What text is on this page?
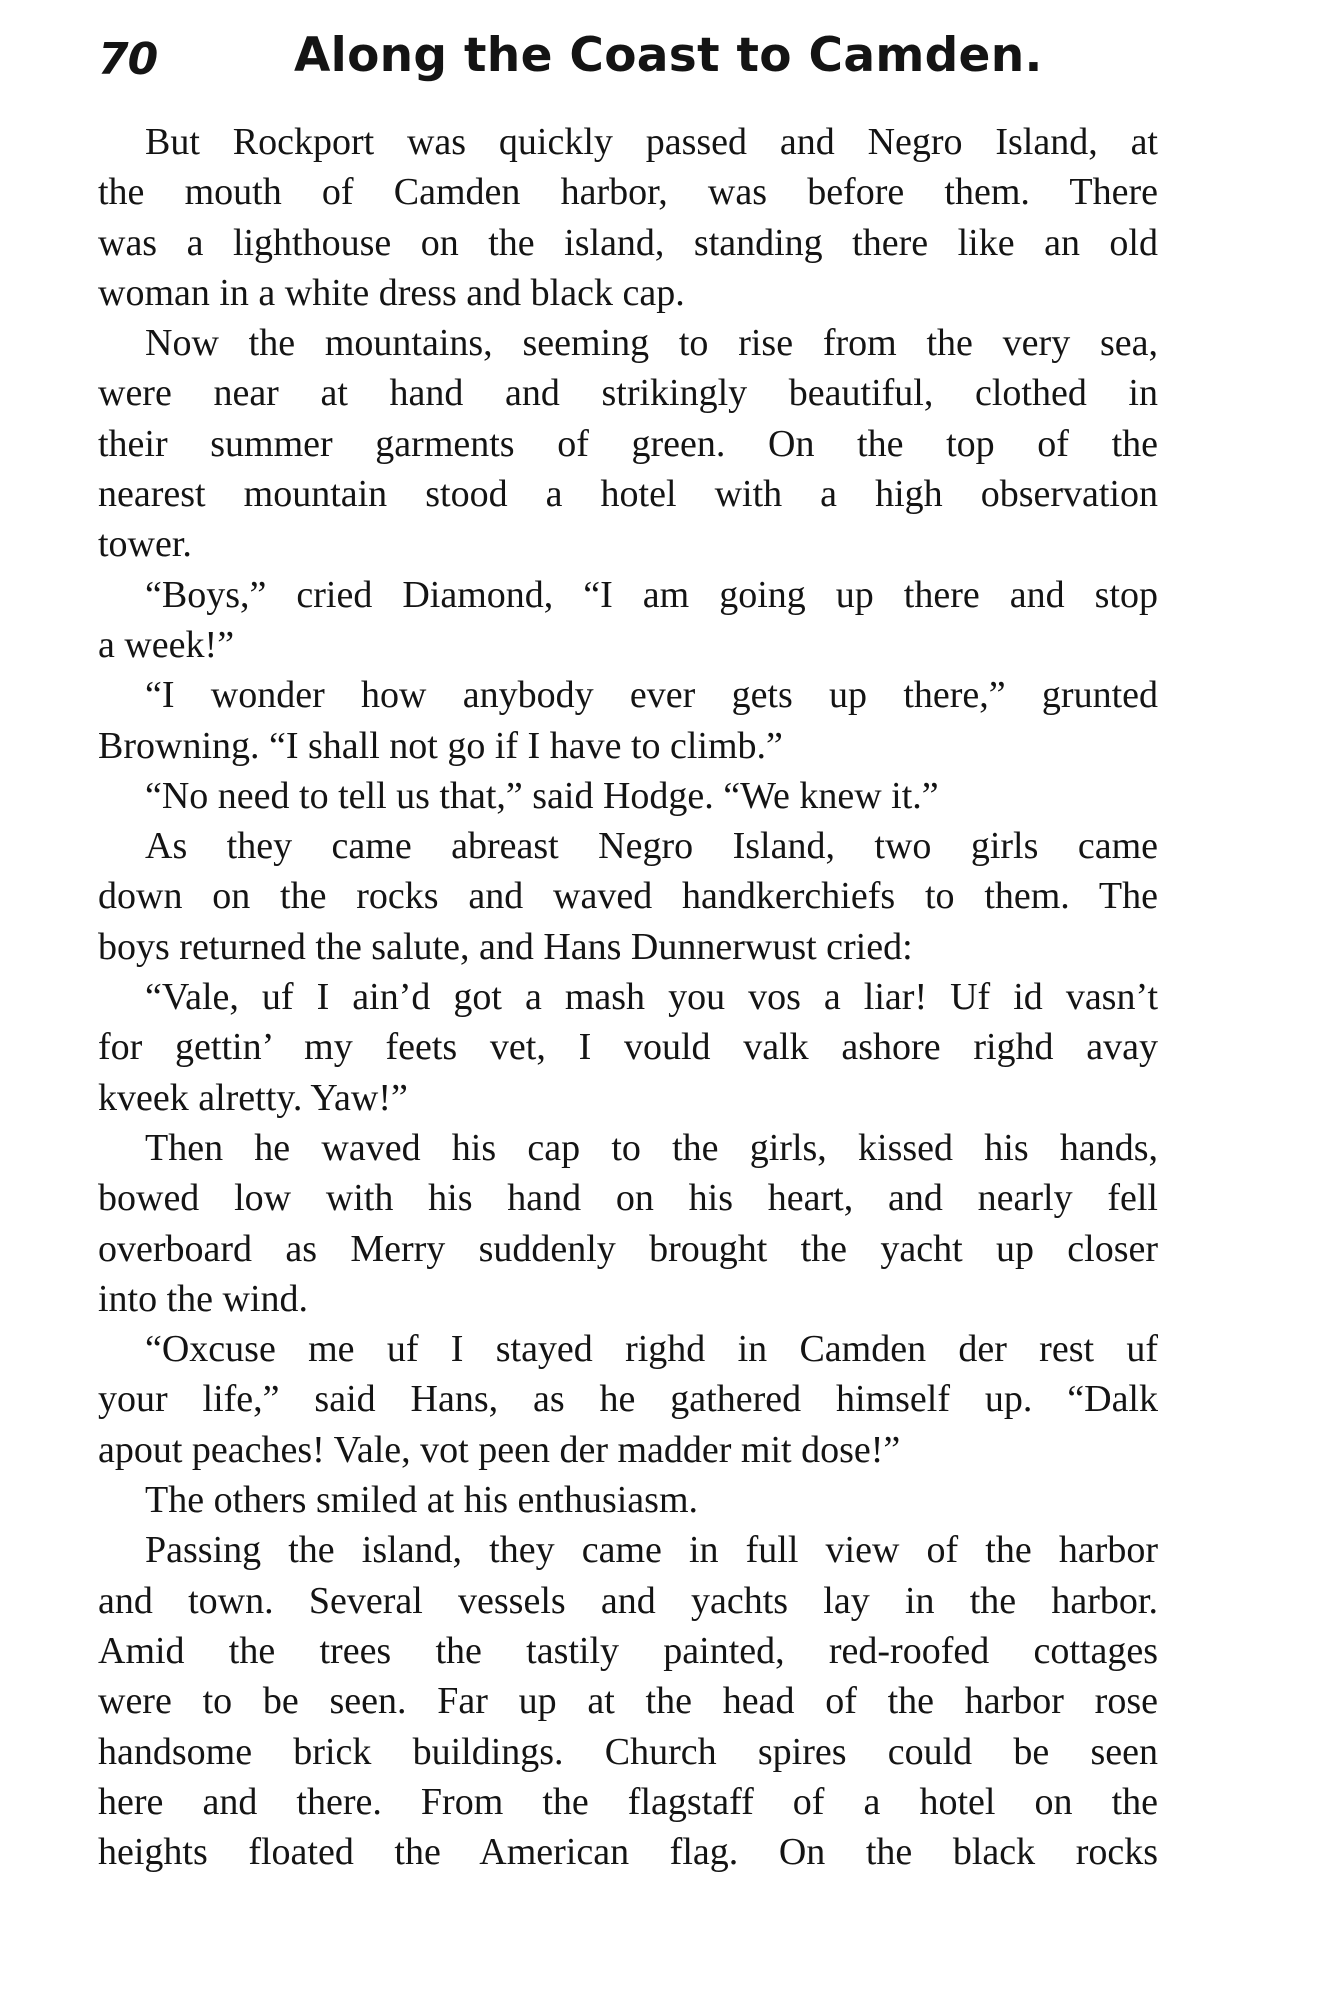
70	Along the Coast to Camden.
But Rockport was quickly passed and Negro Island, at
the mouth of Camden harbor, was before them. There
was a lighthouse on the island, standing there like an old
woman in a white dress and black cap.
Now the mountains, seeming to rise from the very sea,
were near at hand and strikingly beautiful, clothed in
their summer garments of green. On the top of the
nearest mountain stood a hotel with a high observation
tower.
“Boys,” cried Diamond, “I am going up there and stop
a week!”
“I wonder how anybody ever gets up there,” grunted
Browning. “I shall not go if I have to climb.”
“No need to tell us that,” said Hodge. “We knew it.”
As they came abreast Negro Island, two girls came
down on the rocks and waved handkerchiefs to them. The
boys returned the salute, and Hans Dunnerwust cried:
“Vale, uf I ain’d got a mash you vos a liar! Uf id vasn’t
for gettin’ my feets vet, I vould valk ashore righd avay
kveek alretty. Yaw!”
Then he waved his cap to the girls, kissed his hands,
bowed low with his hand on his heart, and nearly fell
overboard as Merry suddenly brought the yacht up closer
into the wind.
“Oxcuse me uf I stayed righd in Camden der rest uf
your life,” said Hans, as he gathered himself up. “Dalk
apout peaches! Vale, vot peen der madder mit dose!”
The others smiled at his enthusiasm.
Passing the island, they came in full view of the harbor
and town. Several vessels and yachts lay in the harbor.
Amid the trees the tastily painted, red-roofed cottages
were to be seen. Far up at the head of the harbor rose
handsome brick buildings. Church spires could be seen
here and there. From the flagstaff of a hotel on the
heights floated the American flag. On the black rocks
